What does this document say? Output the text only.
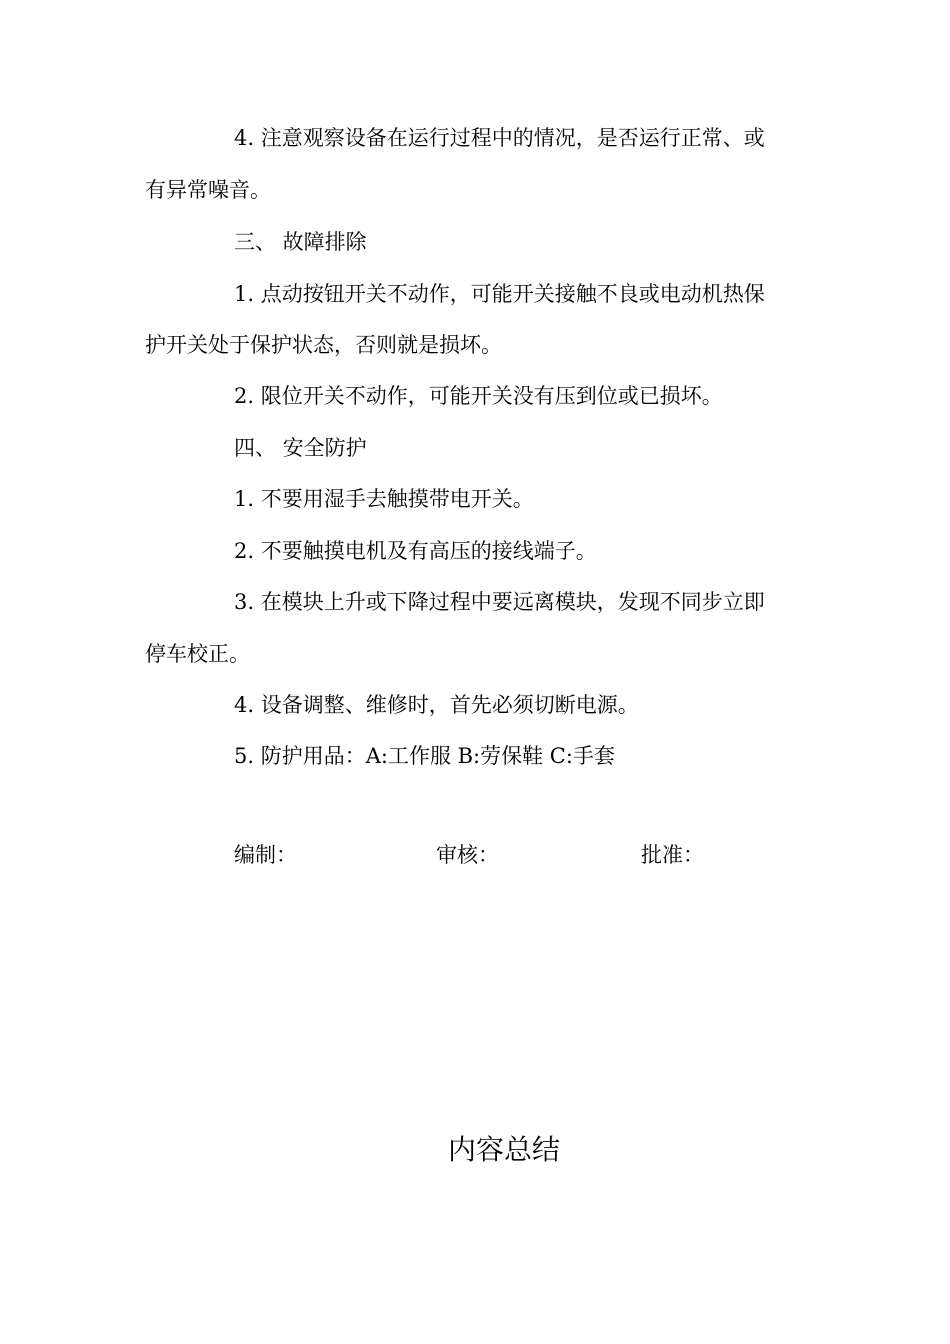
4. 注意观察设备在运行过程中的情况，是否运行正常、或
有异常噪音。
三、 故障排除
1. 点动按钮开关不动作，可能开关接触不良或电动机热保
护开关处于保护状态，否则就是损坏。
2. 限位开关不动作，可能开关没有压到位或已损坏。
四、 安全防护
1. 不要用湿手去触摸带电开关。
2. 不要触摸电机及有高压的接线端子。
3. 在模块上升或下降过程中要远离模块，发现不同步立即
停车校正。
4. 设备调整、维修时，首先必须切断电源。
5. 防护用品：A:工作服 B:劳保鞋 C:手套
编制：	审核：	批准：
内容总结
